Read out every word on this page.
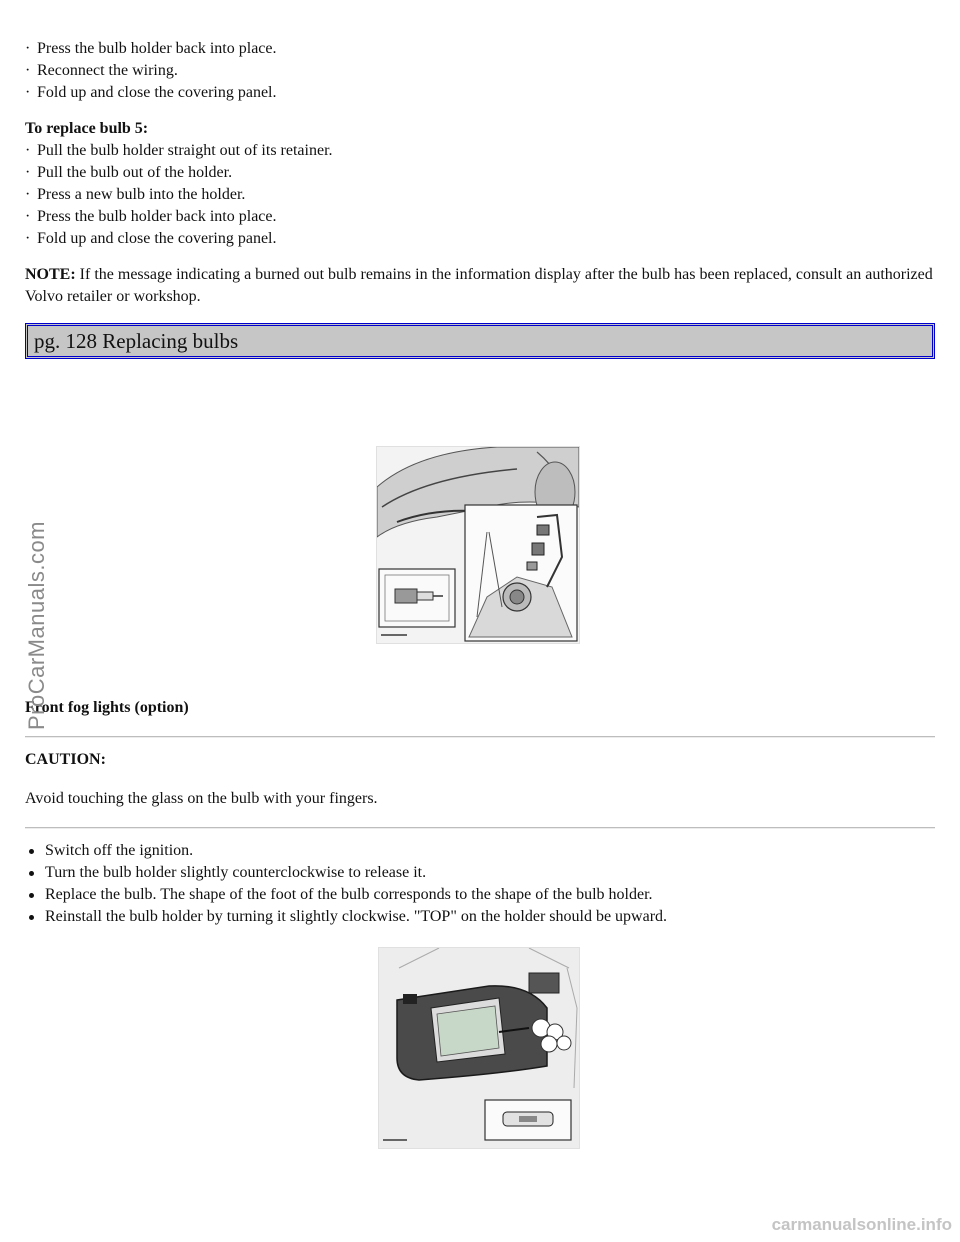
· Press the bulb holder back into place.
· Reconnect the wiring.
· Fold up and close the covering panel.

To replace bulb 5:

· Pull the bulb holder straight out of its retainer.
· Pull the bulb out of the holder.
· Press a new bulb into the holder.
· Press the bulb holder back into place.
· Fold up and close the covering panel.

NOTE: If the message indicating a burned out bulb remains in the information display after the bulb has been replaced, consult an authorized Volvo retailer or workshop.

pg. 128 Replacing bulbs
Front fog lights (option)
CAUTION:
Avoid touching the glass on the bulb with your fingers.
Switch off the ignition.
Turn the bulb holder slightly counterclockwise to release it.
Replace the bulb. The shape of the foot of the bulb corresponds to the shape of the bulb holder.
Reinstall the bulb holder by turning it slightly clockwise. "TOP" on the holder should be upward.
ProCarManuals.com
carmanualsonline.info
